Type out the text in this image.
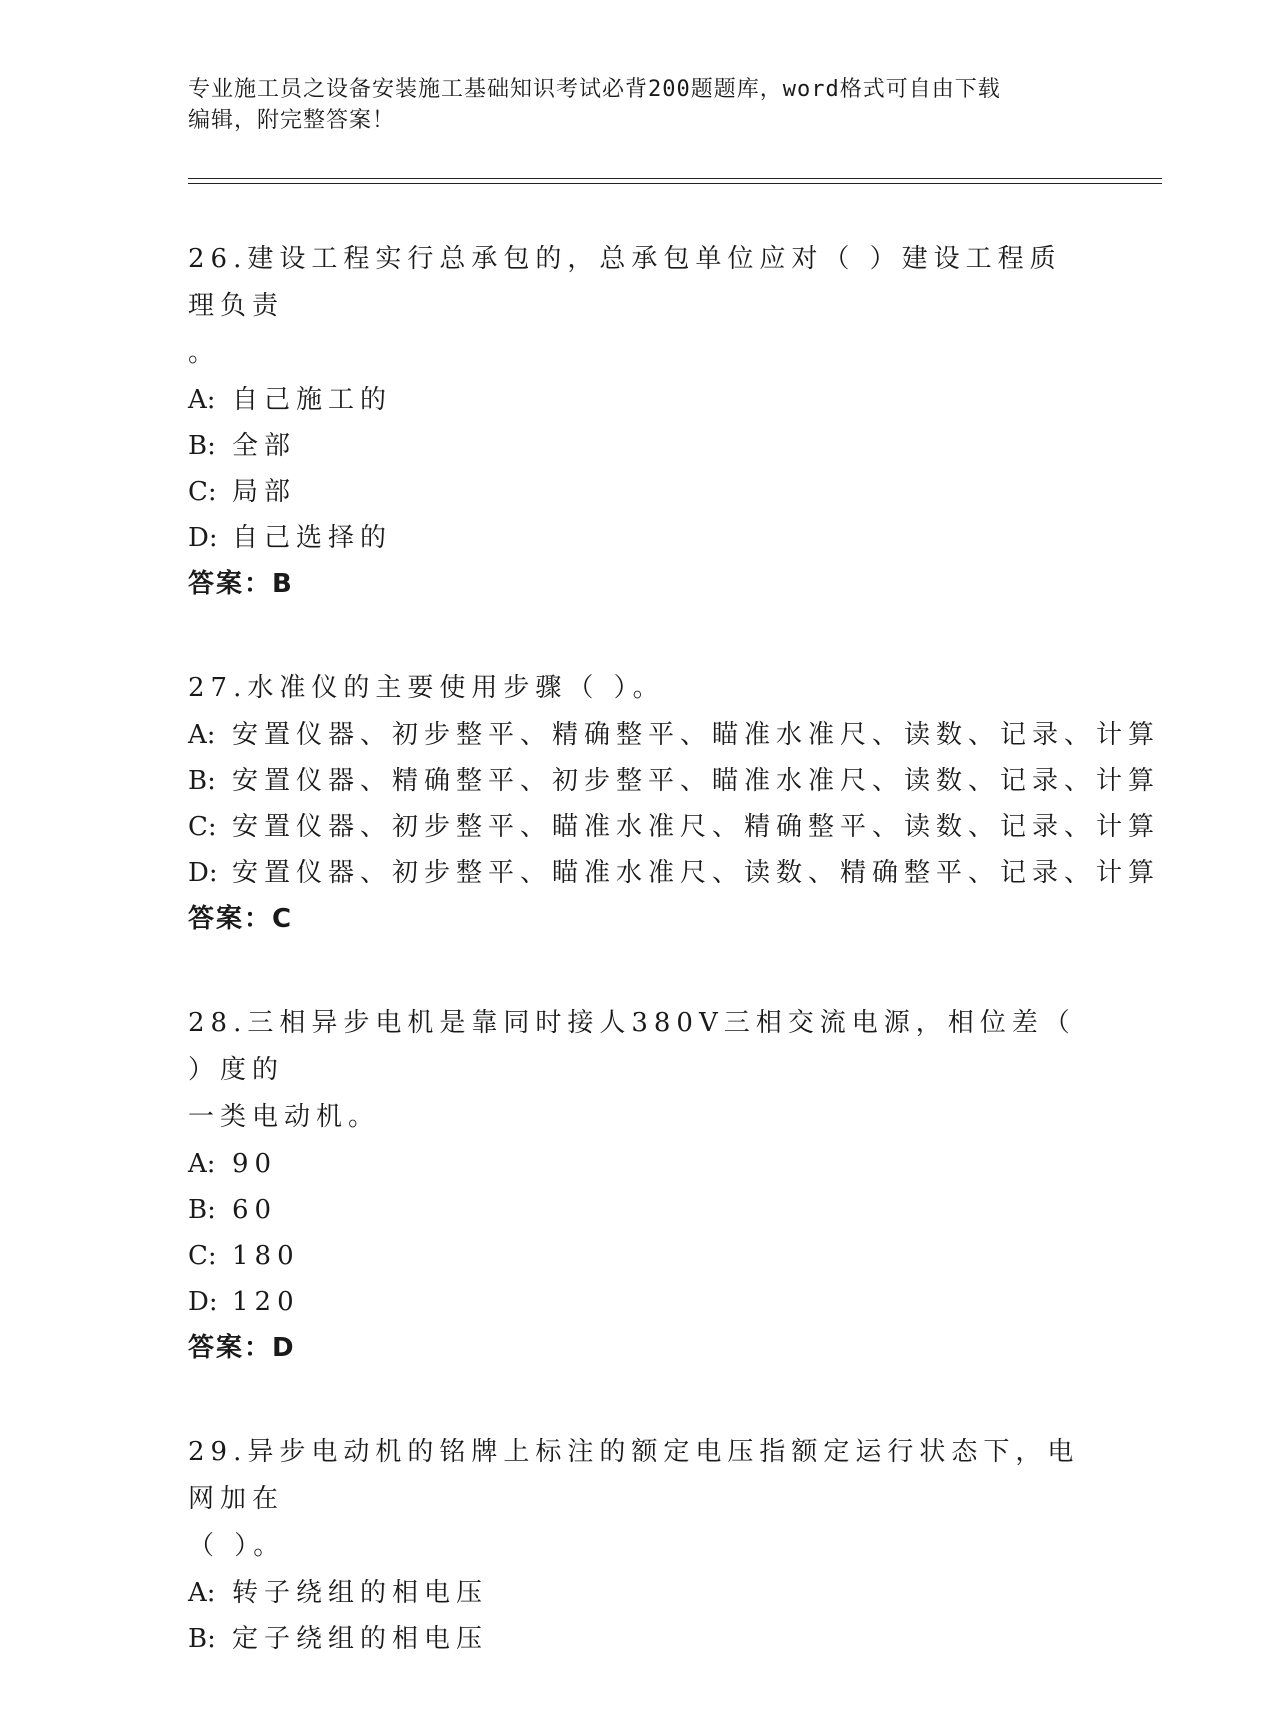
专业施工员之设备安装施工基础知识考试必背200题题库，word格式可自由下载
编辑，附完整答案！

26.建设工程实行总承包的，总承包单位应对（ ）建设工程质理负责

。

A: 自己施工的
B: 全部
C: 局部
D: 自己选择的
答案：B

27.水准仪的主要使用步骤（ ）。

A: 安置仪器、初步整平、精确整平、瞄准水准尺、读数、记录、计算
B: 安置仪器、精确整平、初步整平、瞄准水准尺、读数、记录、计算
C: 安置仪器、初步整平、瞄准水准尺、精确整平、读数、记录、计算
D: 安置仪器、初步整平、瞄准水准尺、读数、精确整平、记录、计算
答案：C

28.三相异步电机是靠同时接人380V三相交流电源，相位差（ ）度的

一类电动机。

A: 90
B: 60
C: 180
D: 120
答案：D

29.异步电动机的铭牌上标注的额定电压指额定运行状态下，电网加在

（ ）。

A: 转子绕组的相电压
B: 定子绕组的相电压
